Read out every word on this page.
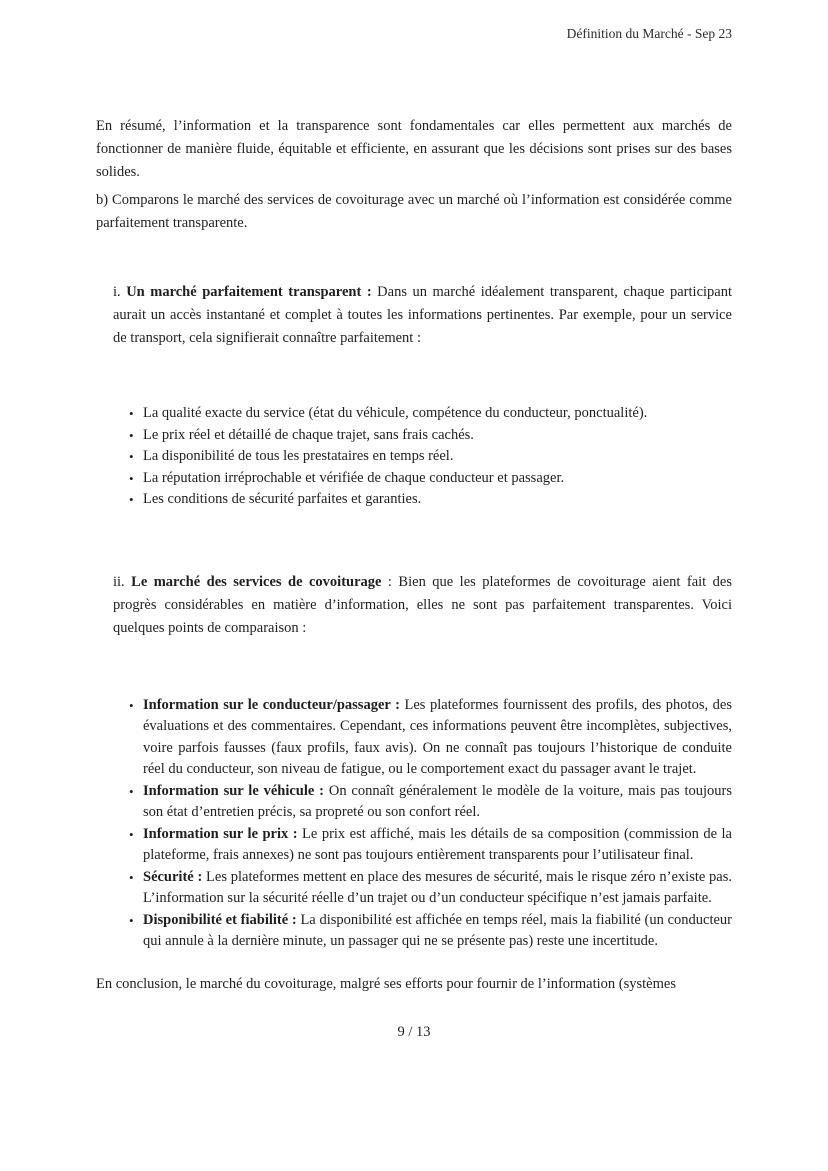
Définition du Marché - Sep 23

En résumé, l’information et la transparence sont fondamentales car elles permettent aux marchés de fonctionner de manière fluide, équitable et efficiente, en assurant que les décisions sont prises sur des bases solides.

b) Comparons le marché des services de covoiturage avec un marché où l’information est considérée comme parfaitement transparente.

i. Un marché parfaitement transparent : Dans un marché idéalement transparent, chaque participant aurait un accès instantané et complet à toutes les informations pertinentes. Par exemple, pour un service de transport, cela signifierait connaître parfaitement :
• La qualité exacte du service (état du véhicule, compétence du conducteur, ponctualité).
• Le prix réel et détaillé de chaque trajet, sans frais cachés.
• La disponibilité de tous les prestataires en temps réel.
• La réputation irréprochable et vérifiée de chaque conducteur et passager.
• Les conditions de sécurité parfaites et garanties.
ii. Le marché des services de covoiturage : Bien que les plateformes de covoiturage aient fait des progrès considérables en matière d’information, elles ne sont pas parfaitement transparentes. Voici quelques points de comparaison :
• Information sur le conducteur/passager : Les plateformes fournissent des profils, des photos, des évaluations et des commentaires. Cependant, ces informations peuvent être incomplètes, subjectives, voire parfois fausses (faux profils, faux avis). On ne connaît pas toujours l’historique de conduite réel du conducteur, son niveau de fatigue, ou le comportement exact du passager avant le trajet.
• Information sur le véhicule : On connaît généralement le modèle de la voiture, mais pas toujours son état d’entretien précis, sa propreté ou son confort réel.
• Information sur le prix : Le prix est affiché, mais les détails de sa composition (commission de la plateforme, frais annexes) ne sont pas toujours entièrement transparents pour l’utilisateur final.
• Sécurité : Les plateformes mettent en place des mesures de sécurité, mais le risque zéro n’existe pas. L’information sur la sécurité réelle d’un trajet ou d’un conducteur spécifique n’est jamais parfaite.
• Disponibilité et fiabilité : La disponibilité est affichée en temps réel, mais la fiabilité (un conducteur qui annule à la dernière minute, un passager qui ne se présente pas) reste une incertitude.

En conclusion, le marché du covoiturage, malgré ses efforts pour fournir de l’information (systèmes

9 / 13
